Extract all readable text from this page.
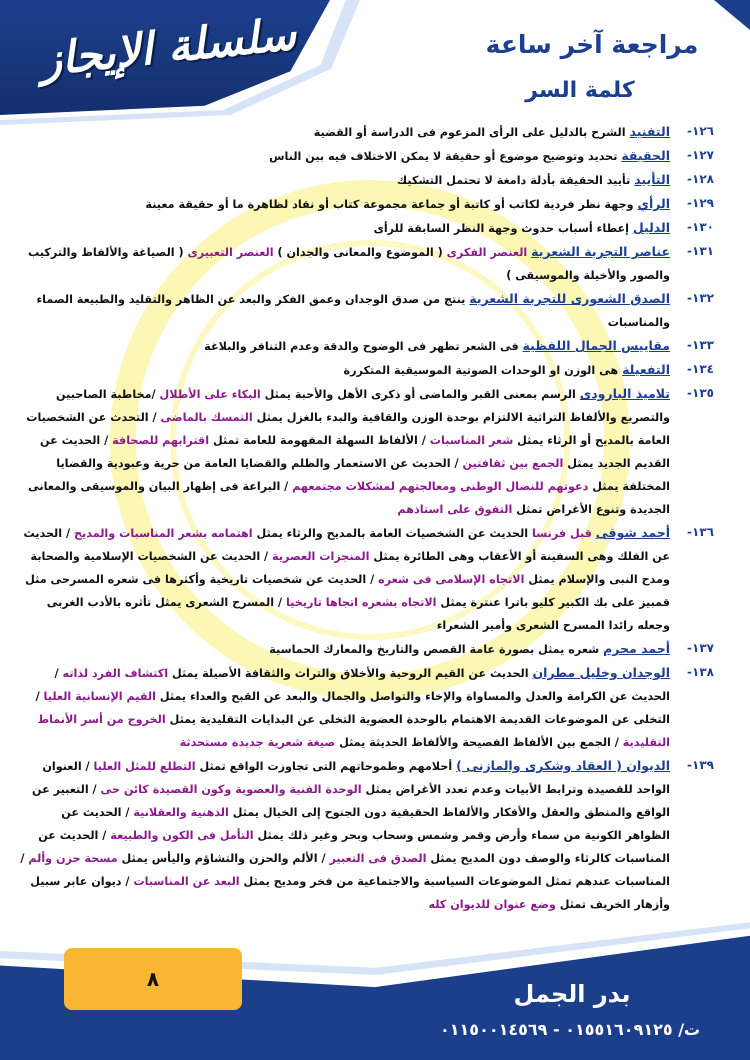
سلسلة الإيجاز	مراجعة آخر ساعة
كلمة السر
١٢٦-
التفنيد الشرح بالدليل على الرأى المزعوم فى الدراسة أو القضية
١٢٧-
الحقيقة تحديد وتوضيح موضوع أو حقيقة لا يمكن الاختلاف فيه بين الناس
١٢٨-
التأييد تأييد الحقيقة بأدلة دامغة لا تحتمل التشكيك
١٢٩-
الرأي وجهة نظر فردية لكاتب أو كاتبة أو جماعة مجموعة كتاب أو نقاد لظاهرة ما أو حقيقة معينة
١٣٠-
الدليل إعطاء أسباب حدوث وجهة النظر السابقة للرأى
١٣١-
عناصر التجربة الشعرية العنصر الفكرى ( الموضوع والمعانى والجدان ) العنصر التعبيرى ( الصياغة والألفاظ والتركيب والصور والأخيلة والموسيقى )
١٣٢-
الصدق الشعورى للتجربة الشعرية ينتج من صدق الوجدان وعمق الفكر والبعد عن الظاهر والتقليد والطبيعة الصماء والمناسبات
١٣٣-
مقاييس الجمال اللفظية فى الشعر تظهر فى الوضوح والدقة وعدم التنافر والبلاغة
١٣٤-
التفعيلة هى الوزن او الوحدات الصوتية الموسيقية المتكررة
١٣٥-
تلاميذ البارودى الرسم بمعنى القبر والماضى أو ذكرى الأهل والأحبة يمثل البكاء على الأطلال /مخاطبة الصاحبين والتصريع والألفاظ التراثية الالتزام بوحدة الوزن والقافية والبدء بالغزل يمثل التمسك بالماضى / التحدث عن الشخصيات العامة بالمديح أو الرثاء يمثل شعر المناسبات / الألفاظ السهلة المفهومة للعامة تمثل اقترابهم للصحافة / الحديث عن القديم الجديد يمثل الجمع بين ثقافتين / الحديث عن الاستعمار والظلم والقضايا العامة من حرية وعبودية والقضايا المختلفة يمثل دعوتهم للنضال الوطنى ومعالجتهم لمشكلات مجتمعهم / البراعة فى إظهار البيان والموسيقى والمعانى الجديدة وتنوع الأغراض تمثل التفوق على استاذهم
١٣٦-
أحمد شوقى قبل فرنسا الحديث عن الشخصيات العامة بالمديح والرثاء يمثل اهتمامه بشعر المناسبات والمديح / الحديث عن الفلك وهى السفينة أو الأعقاب وهى الطائرة يمثل المنجزات العصرية / الحديث عن الشخصيات الإسلامية والصحابة ومدح النبى والإسلام يمثل الاتجاه الإسلامى فى شعره / الحديث عن شخصيات تاريخية وأكثرها فى شعره المسرحى مثل قمبيز على بك الكبير كليو باترا عنترة يمثل الاتجاه بشعره اتجاها تاريخيا / المسرح الشعرى يمثل تأثره بالأدب الغربى وجعله رائدا المسرح الشعرى وأمير الشعراء
١٣٧-
أحمد محرم شعره يمثل بصورة عامة القصص والتاريخ والمعارك الحماسية
١٣٨-
الوجدان وخليل مطران الحديث عن القيم الروحية والأخلاق والتراث والثقافة الأصيلة يمثل اكتشاف الفرد لذاته / الحديث عن الكرامة والعدل والمساواة والإخاء والتواصل والجمال والبعد عن القبح والعداء يمثل القيم الإنسانية العليا / التخلى عن الموضوعات القديمة الاهتمام بالوحدة العضوية التخلى عن البدايات التقليدية يمثل الخروج من أسر الأنماط التقليدية / الجمع بين الألفاظ الفصيحة والألفاظ الحديثة يمثل صيغة شعرية جديدة مستحدثة
١٣٩-
الديوان ( العقاد وشكرى والمازنى ) أحلامهم وطموحاتهم التى تجاوزت الواقع تمثل التطلع للمثل العليا / العنوان الواحد للقصيدة وترابط الأبيات وعدم تعدد الأغراض يمثل الوحدة الفنية والعضوية وكون القصيدة كائن حى / التعبير عن الواقع والمنطق والعقل والأفكار والألفاظ الحقيقية دون الجنوح إلى الخيال يمثل الذهنية والعقلانية / الحديث عن الظواهر الكونية من سماء وأرض وقمر وشمس وسحاب وبحر وغير ذلك يمثل التأمل فى الكون والطبيعة / الحديث عن المناسبات كالرثاء والوصف دون المديح يمثل الصدق فى التعبير / الألم والحزن والتشاؤم واليأس يمثل مسحة حزن وألم / المناسبات عندهم تمثل الموضوعات السياسية والاجتماعية من فخر ومديح يمثل البعد عن المناسبات / ديوان عابر سبيل وأزهار الخريف تمثل وضع عنوان للديوان كله
٨
بدر الجمل
ت/ ٠١٥٥١٦٠٩١٢٥ - ٠١١٥٠٠١٤٥٦٩
